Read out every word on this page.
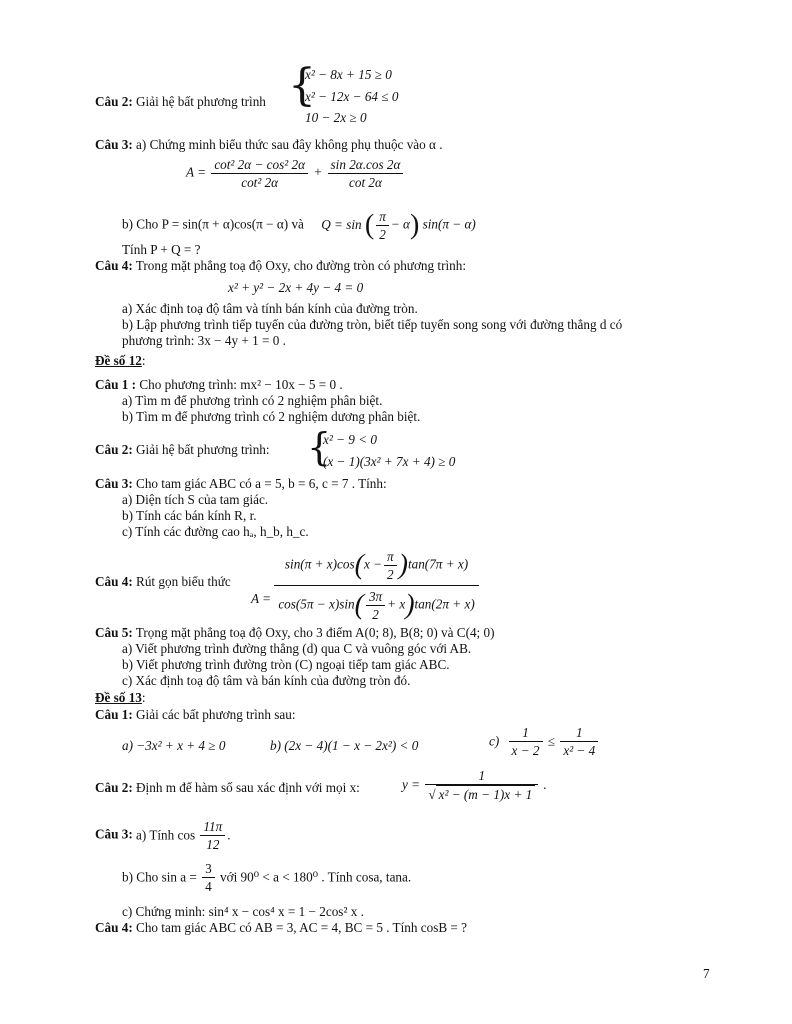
Câu 2: Giải hệ bất phương trình {
x² − 8x + 15 ≥ 0
x² − 12x − 64 ≤ 0
10 − 2x ≥ 0
Câu 3: a) Chứng minh biểu thức sau đây không phụ thuộc vào α .
$A = \frac{\text{cot² 2α − cos² 2α}}{\text{cot² 2α}} + \frac{\sin 2\alpha.\cos 2\alpha}{\cot 2\alpha}$
b) Cho P = sin(π + α)cos(π − α) và Q = sin ( $\frac{\pi}{2} - \alpha$) sin(π − α)
Tính P + Q = ?
Câu 4: Trong mặt phẳng toạ độ Oxy, cho đường tròn có phương trình:
x² + y² − 2x + 4y − 4 = 0
a) Xác định toạ độ tâm và tính bán kính của đường tròn.
b) Lập phương trình tiếp tuyến của đường tròn, biết tiếp tuyến song song với đường thẳng d có
phương trình: 3x − 4y + 1 = 0 .
Đề số 12:
Câu 1 : Cho phương trình: mx² − 10x − 5 = 0 .
a) Tìm m để phương trình có 2 nghiệm phân biệt.
b) Tìm m để phương trình có 2 nghiệm dương phân biệt.
Câu 2: Giải hệ bất phương trình: {
x² − 9 < 0
(x − 1)(3x² + 7x + 4) ≥ 0
Câu 3: Cho tam giác ABC có a = 5, b = 6, c = 7 . Tính:
a) Diện tích S của tam giác.
b) Tính các bán kính R, r.
c) Tính các đường cao hₐ, h_b, h_c.
Câu 4: Rút gọn biểu thức
$A = \frac{\sin(\pi + x)\cos(x - \frac{\pi}{2} )\tan(7\pi + x)}{\cos(5\pi - x)\sin( \frac{3\pi}{2} + x)\tan(2\pi + x)}$
Câu 5: Trọng mặt phẳng toạ độ Oxy, cho 3 điểm A(0; 8), B(8; 0) và C(4; 0)
a) Viết phương trình đường thẳng (d) qua C và vuông góc với AB.
b) Viết phương trình đường tròn (C) ngoại tiếp tam giác ABC.
c) Xác định toạ độ tâm và bán kính của đường tròn đó.
Đề số 13:
Câu 1: Giải các bất phương trình sau:
a) −3x² + x + 4 ≥ 0	b) (2x − 4)(1 − x − 2x²) < 0	$c) \frac{1}{x - 2} \le \frac{1}{\text{x² − 4}}$
Câu 2: Định m để hàm số sau xác định với mọi x:	$y = \frac{1}{\text{√ x² − (m − 1)x + 1}}$ .
Câu 3: a) Tính $\cos \frac{11\pi}{12}$ .
b) Cho $\sin a = \frac{3}{4}$ với 90⁰ < a < 180⁰ . Tính cosa, tana.
c) Chứng minh: sin⁴ x − cos⁴ x = 1 − 2cos² x .
Câu 4: Cho tam giác ABC có AB = 3, AC = 4, BC = 5 . Tính cosB = ?
7
